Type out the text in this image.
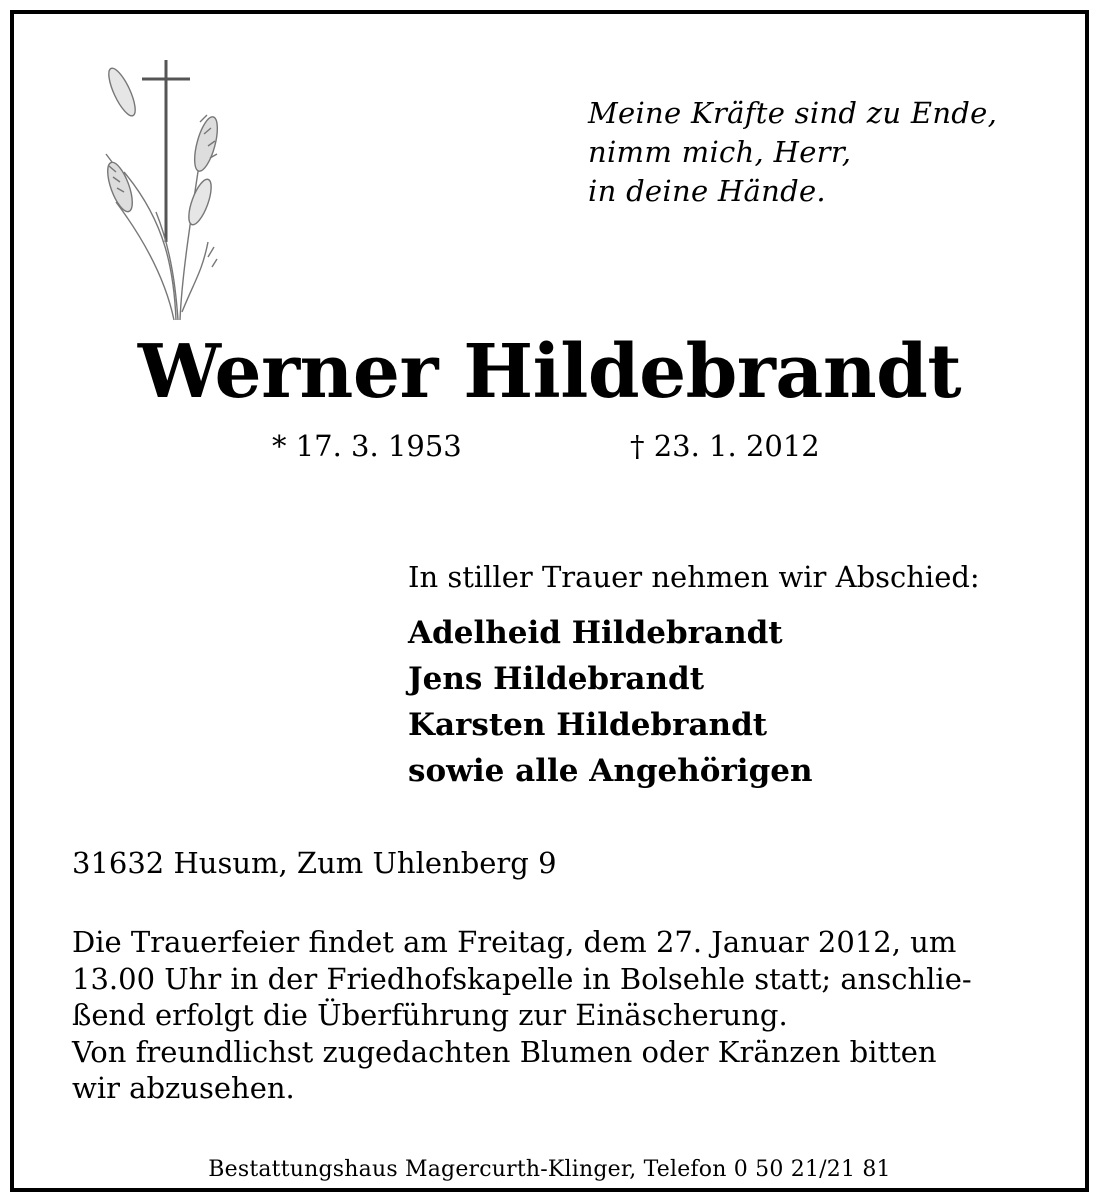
Meine Kräfte sind zu Ende,
nimm mich, Herr,
in deine Hände.
Werner Hildebrandt
* 17. 3. 1953	† 23. 1. 2012
In stiller Trauer nehmen wir Abschied:
Adelheid Hildebrandt
Jens Hildebrandt
Karsten Hildebrandt
sowie alle Angehörigen
31632 Husum, Zum Uhlenberg 9
Die Trauerfeier findet am Freitag, dem 27. Januar 2012, um
13.00 Uhr in der Friedhofskapelle in Bolsehle statt; anschlie-
ßend erfolgt die Überführung zur Einäscherung.
Von freundlichst zugedachten Blumen oder Kränzen bitten
wir abzusehen.
Bestattungshaus Magercurth-Klinger, Telefon 0 50 21/21 81
